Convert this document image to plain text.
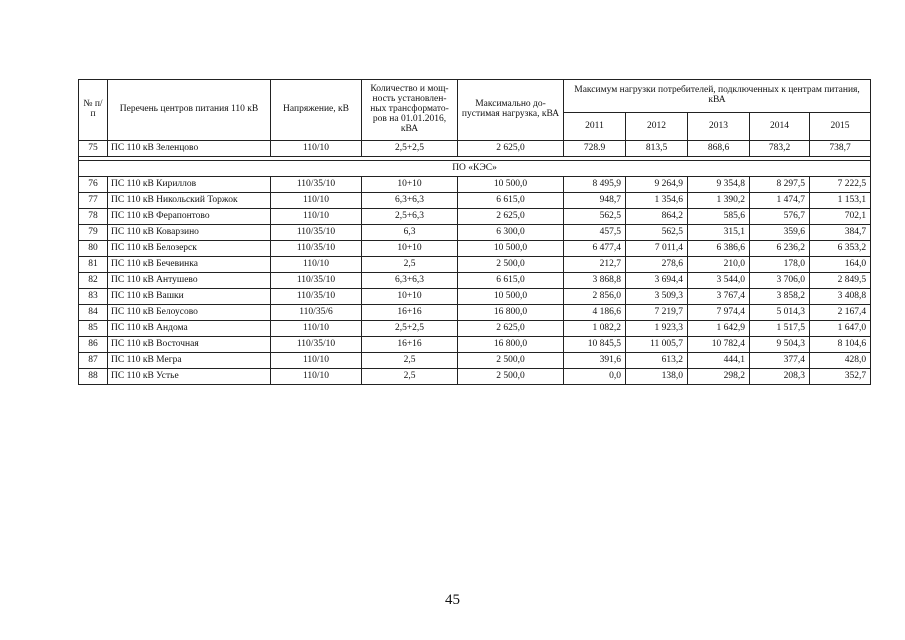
№ п/п	Перечень центров питания 110 кВ	Напряжение, кВ	Количество и мощ-ность установлен-ных трансформато-ров на 01.01.2016, кВА	Максимально до-пустимая нагрузка, кВА	Максимум нагрузки потребителей, подключенных к центрам питания, кВА				
					2011	2012	2013	2014	2015
75	ПС 110 кВ Зеленцово	110/10	2,5+2,5	2 625,0	728.9	813,5	868,6	783,2	738,7

ПО «КЭС»									
76	ПС 110 кВ Кириллов	110/35/10	10+10	10 500,0	8 495,9	9 264,9	9 354,8	8 297,5	7 222,5
77	ПС 110 кВ Никольский Торжок	110/10	6,3+6,3	6 615,0	948,7	1 354,6	1 390,2	1 474,7	1 153,1
78	ПС 110 кВ Ферапонтово	110/10	2,5+6,3	2 625,0	562,5	864,2	585,6	576,7	702,1
79	ПС 110 кВ Коварзино	110/35/10	6,3	6 300,0	457,5	562,5	315,1	359,6	384,7
80	ПС 110 кВ Белозерск	110/35/10	10+10	10 500,0	6 477,4	7 011,4	6 386,6	6 236,2	6 353,2
81	ПС 110 кВ Бечевинка	110/10	2,5	2 500,0	212,7	278,6	210,0	178,0	164,0
82	ПС 110 кВ Антушево	110/35/10	6,3+6,3	6 615,0	3 868,8	3 694,4	3 544,0	3 706,0	2 849,5
83	ПС 110 кВ Вашки	110/35/10	10+10	10 500,0	2 856,0	3 509,3	3 767,4	3 858,2	3 408,8
84	ПС 110 кВ Белоусово	110/35/6	16+16	16 800,0	4 186,6	7 219,7	7 974,4	5 014,3	2 167,4
85	ПС 110 кВ Андома	110/10	2,5+2,5	2 625,0	1 082,2	1 923,3	1 642,9	1 517,5	1 647,0
86	ПС 110 кВ Восточная	110/35/10	16+16	16 800,0	10 845,5	11 005,7	10 782,4	9 504,3	8 104,6
87	ПС 110 кВ Мегра	110/10	2,5	2 500,0	391,6	613,2	444,1	377,4	428,0
88	ПС 110 кВ Устье	110/10	2,5	2 500,0	0,0	138,0	298,2	208,3	352,7
45
